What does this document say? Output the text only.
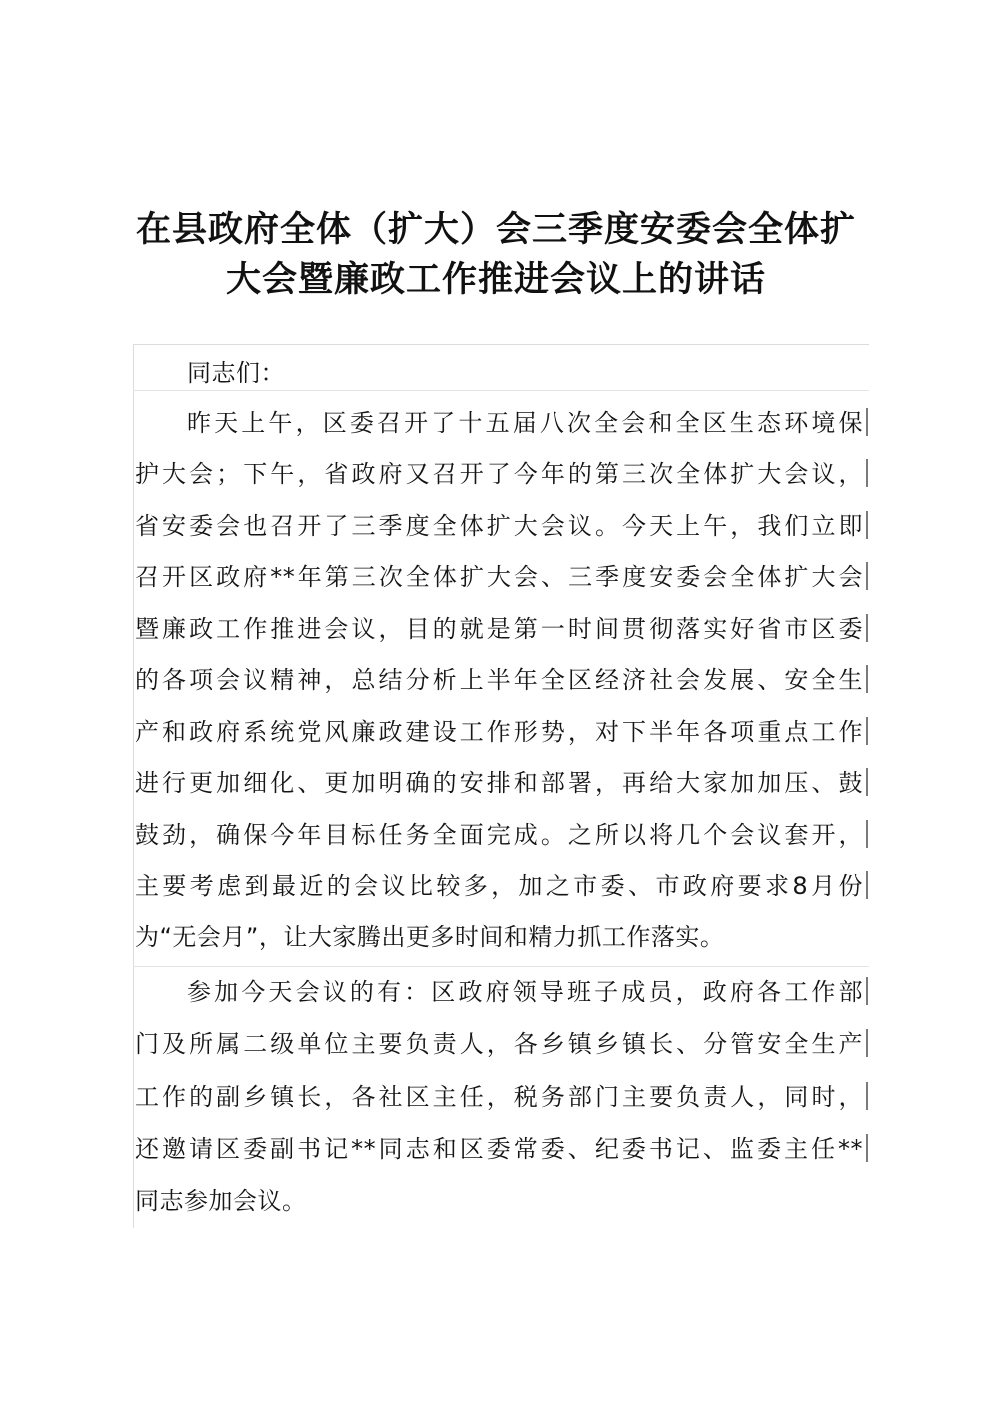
在县政府全体（扩大）会三季度安委会全体扩
大会暨廉政工作推进会议上的讲话
同志们：
昨天上午，区委召开了十五届八次全会和全区生态环境保
护大会；下午，省政府又召开了今年的第三次全体扩大会议，
省安委会也召开了三季度全体扩大会议。今天上午，我们立即
召开区政府**年第三次全体扩大会、三季度安委会全体扩大会
暨廉政工作推进会议，目的就是第一时间贯彻落实好省市区委
的各项会议精神，总结分析上半年全区经济社会发展、安全生
产和政府系统党风廉政建设工作形势，对下半年各项重点工作
进行更加细化、更加明确的安排和部署，再给大家加加压、鼓
鼓劲，确保今年目标任务全面完成。之所以将几个会议套开，
主要考虑到最近的会议比较多，加之市委、市政府要求8月份
为“无会月”，让大家腾出更多时间和精力抓工作落实。
参加今天会议的有：区政府领导班子成员，政府各工作部
门及所属二级单位主要负责人，各乡镇乡镇长、分管安全生产
工作的副乡镇长，各社区主任，税务部门主要负责人，同时，
还邀请区委副书记**同志和区委常委、纪委书记、监委主任**
同志参加会议。
